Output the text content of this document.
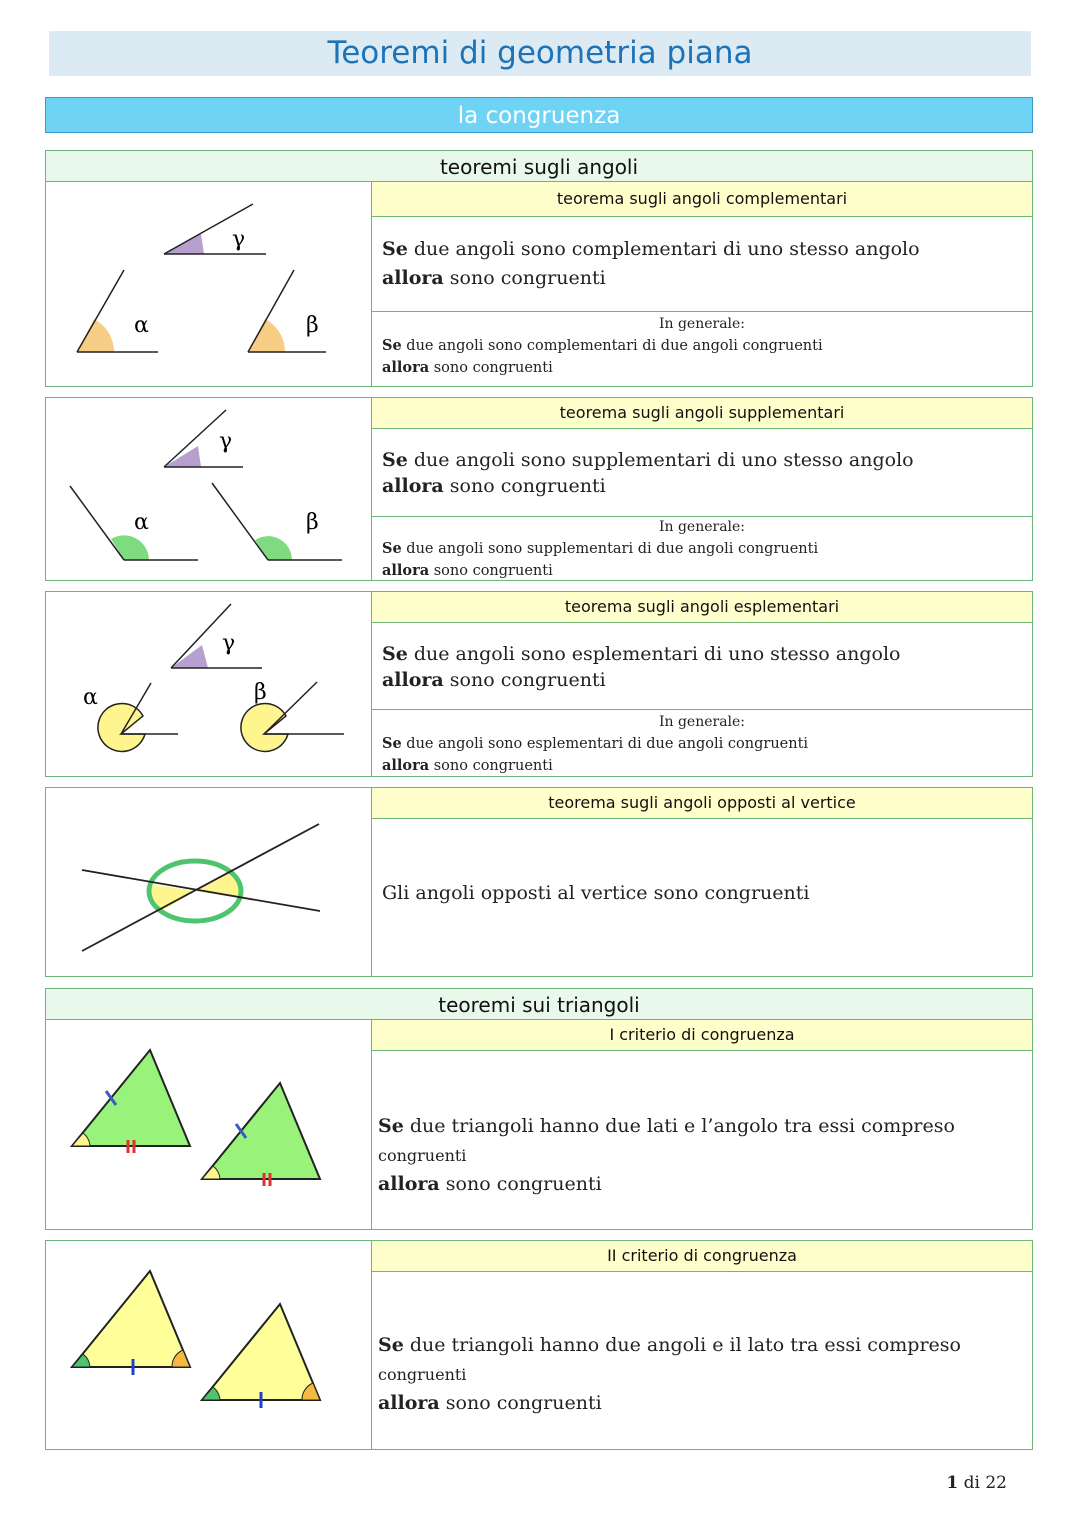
Teoremi di geometria piana
la congruenza
teoremi sugli angoli
γ
α	β
teorema sugli angoli complementari
Se due angoli sono complementari di uno stesso angolo
allora sono congruenti
In generale:
Se due angoli sono complementari di due angoli congruenti
allora sono congruenti
γ
α	β
teorema sugli angoli supplementari
Se due angoli sono supplementari di uno stesso angolo
allora sono congruenti
In generale:
Se due angoli sono supplementari di due angoli congruenti
allora sono congruenti
γ
α	β
teorema sugli angoli esplementari
Se due angoli sono esplementari di uno stesso angolo
allora sono congruenti
In generale:
Se due angoli sono esplementari di due angoli congruenti
allora sono congruenti
teorema sugli angoli opposti al vertice
Gli angoli opposti al vertice sono congruenti
teoremi sui triangoli
I criterio di congruenza
Se due triangoli hanno due lati e l’angolo tra essi compreso congruenti
allora sono congruenti
II criterio di congruenza
Se due triangoli hanno due angoli e il lato tra essi compreso congruenti
allora sono congruenti
1 di 22
